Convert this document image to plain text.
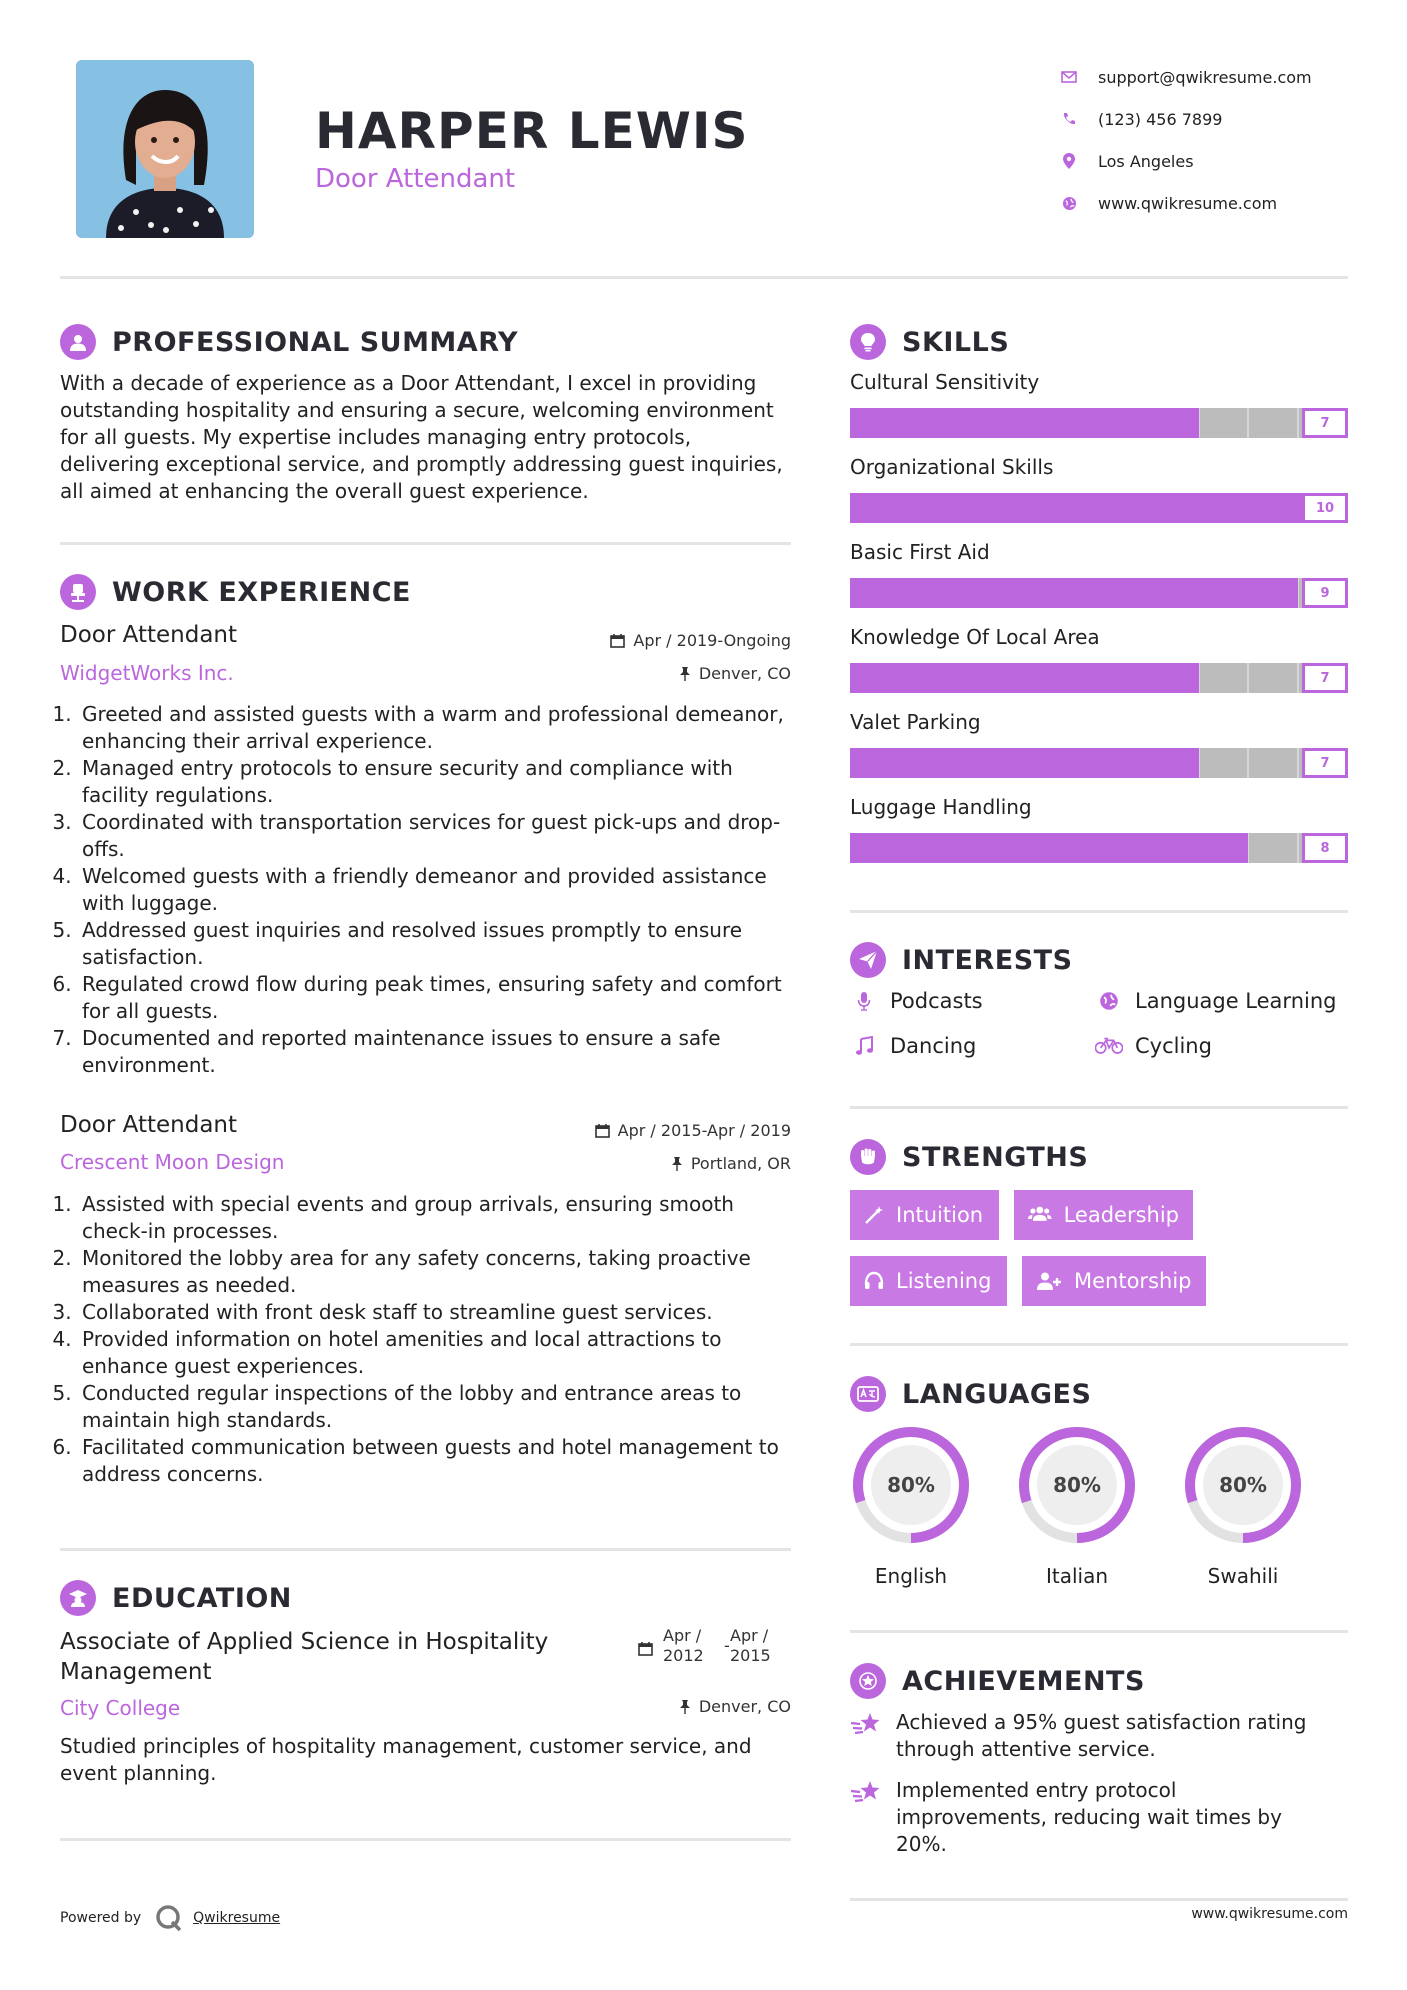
HARPER LEWIS
Door Attendant
support@qwikresume.com
(123) 456 7899
Los Angeles
www.qwikresume.com
PROFESSIONAL SUMMARY
With a decade of experience as a Door Attendant, I excel in providing outstanding hospitality and ensuring a secure, welcoming environment for all guests. My expertise includes managing entry protocols, delivering exceptional service, and promptly addressing guest inquiries, all aimed at enhancing the overall guest experience.
WORK EXPERIENCE
Door Attendant
WidgetWorks Inc.
Apr / 2019-Ongoing
Denver, CO
1. Greeted and assisted guests with a warm and professional demeanor, enhancing their arrival experience.
2. Managed entry protocols to ensure security and compliance with facility regulations.
3. Coordinated with transportation services for guest pick-ups and drop-offs.
4. Welcomed guests with a friendly demeanor and provided assistance with luggage.
5. Addressed guest inquiries and resolved issues promptly to ensure satisfaction.
6. Regulated crowd flow during peak times, ensuring safety and comfort for all guests.
7. Documented and reported maintenance issues to ensure a safe environment.
Door Attendant
Crescent Moon Design
Apr / 2015-Apr / 2019
Portland, OR
1. Assisted with special events and group arrivals, ensuring smooth check-in processes.
2. Monitored the lobby area for any safety concerns, taking proactive measures as needed.
3. Collaborated with front desk staff to streamline guest services.
4. Provided information on hotel amenities and local attractions to enhance guest experiences.
5. Conducted regular inspections of the lobby and entrance areas to maintain high standards.
6. Facilitated communication between guests and hotel management to address concerns.
EDUCATION
Associate of Applied Science in Hospitality Management
City College
Apr /
2012
-
Apr /
2015
Denver, CO
Studied principles of hospitality management, customer service, and event planning.
SKILLS
Cultural Sensitivity
7
Organizational Skills
10
Basic First Aid
9
Knowledge Of Local Area
7
Valet Parking
7
Luggage Handling
8
INTERESTS
Podcasts	Language Learning
Dancing	Cycling
STRENGTHS
Intuition	Leadership
Listening	Mentorship
LANGUAGES
80%
English
80%
Italian
80%
Swahili
ACHIEVEMENTS
Achieved a 95% guest satisfaction rating through attentive service.
Implemented entry protocol improvements, reducing wait times by 20%.
Powered by	Qwikresume	www.qwikresume.com
